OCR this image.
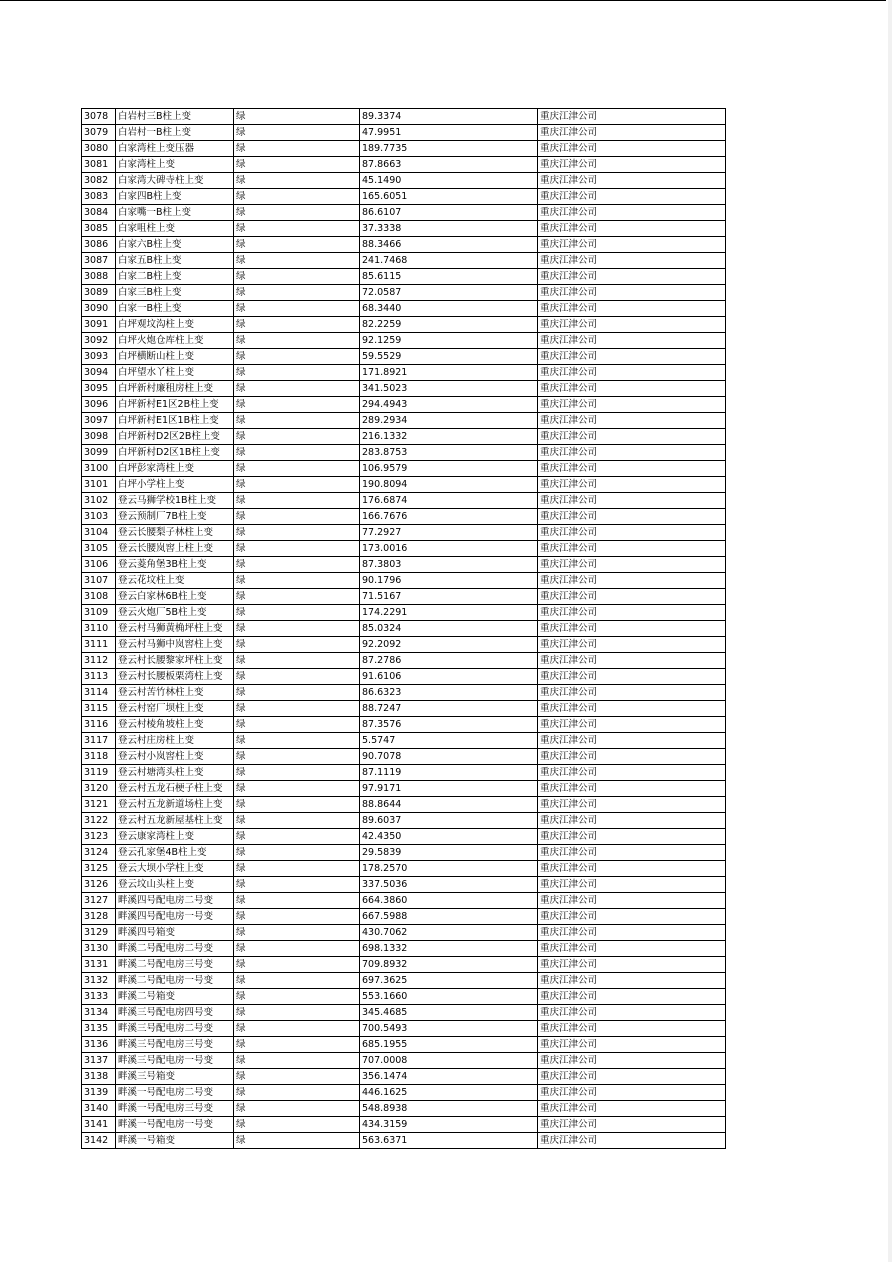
3078	白岩村三B柱上变	绿	89.3374	重庆江津公司
3079	白岩村一B柱上变	绿	47.9951	重庆江津公司
3080	白家湾柱上变压器	绿	189.7735	重庆江津公司
3081	白家湾柱上变	绿	87.8663	重庆江津公司
3082	白家湾大碑寺柱上变	绿	45.1490	重庆江津公司
3083	白家四B柱上变	绿	165.6051	重庆江津公司
3084	白家嘴一B柱上变	绿	86.6107	重庆江津公司
3085	白家咀柱上变	绿	37.3338	重庆江津公司
3086	白家六B柱上变	绿	88.3466	重庆江津公司
3087	白家五B柱上变	绿	241.7468	重庆江津公司
3088	白家二B柱上变	绿	85.6115	重庆江津公司
3089	白家三B柱上变	绿	72.0587	重庆江津公司
3090	白家一B柱上变	绿	68.3440	重庆江津公司
3091	白坪观坟沟柱上变	绿	82.2259	重庆江津公司
3092	白坪火炮仓库柱上变	绿	92.1259	重庆江津公司
3093	白坪横断山柱上变	绿	59.5529	重庆江津公司
3094	白坪望水丫柱上变	绿	171.8921	重庆江津公司
3095	白坪新村廉租房柱上变	绿	341.5023	重庆江津公司
3096	白坪新村E1区2B柱上变	绿	294.4943	重庆江津公司
3097	白坪新村E1区1B柱上变	绿	289.2934	重庆江津公司
3098	白坪新村D2区2B柱上变	绿	216.1332	重庆江津公司
3099	白坪新村D2区1B柱上变	绿	283.8753	重庆江津公司
3100	白坪彭家湾柱上变	绿	106.9579	重庆江津公司
3101	白坪小学柱上变	绿	190.8094	重庆江津公司
3102	登云马狮学校1B柱上变	绿	176.6874	重庆江津公司
3103	登云预制厂7B柱上变	绿	166.7676	重庆江津公司
3104	登云长腰梨子林柱上变	绿	77.2927	重庆江津公司
3105	登云长腰岚窖上柱上变	绿	173.0016	重庆江津公司
3106	登云菱角堡3B柱上变	绿	87.3803	重庆江津公司
3107	登云花坟柱上变	绿	90.1796	重庆江津公司
3108	登云白家林6B柱上变	绿	71.5167	重庆江津公司
3109	登云火炮厂5B柱上变	绿	174.2291	重庆江津公司
3110	登云村马狮黄桷坪柱上变	绿	85.0324	重庆江津公司
3111	登云村马狮中岚窖柱上变	绿	92.2092	重庆江津公司
3112	登云村长腰黎家坪柱上变	绿	87.2786	重庆江津公司
3113	登云村长腰板栗湾柱上变	绿	91.6106	重庆江津公司
3114	登云村苦竹林柱上变	绿	86.6323	重庆江津公司
3115	登云村窑厂坝柱上变	绿	88.7247	重庆江津公司
3116	登云村棱角坡柱上变	绿	87.3576	重庆江津公司
3117	登云村庄房柱上变	绿	5.5747	重庆江津公司
3118	登云村小岚窖柱上变	绿	90.7078	重庆江津公司
3119	登云村塘湾头柱上变	绿	87.1119	重庆江津公司
3120	登云村五龙石梗子柱上变	绿	97.9171	重庆江津公司
3121	登云村五龙新道场柱上变	绿	88.8644	重庆江津公司
3122	登云村五龙新屋基柱上变	绿	89.6037	重庆江津公司
3123	登云康家湾柱上变	绿	42.4350	重庆江津公司
3124	登云孔家堡4B柱上变	绿	29.5839	重庆江津公司
3125	登云大坝小学柱上变	绿	178.2570	重庆江津公司
3126	登云坟山头柱上变	绿	337.5036	重庆江津公司
3127	畔溪四号配电房二号变	绿	664.3860	重庆江津公司
3128	畔溪四号配电房一号变	绿	667.5988	重庆江津公司
3129	畔溪四号箱变	绿	430.7062	重庆江津公司
3130	畔溪二号配电房二号变	绿	698.1332	重庆江津公司
3131	畔溪二号配电房三号变	绿	709.8932	重庆江津公司
3132	畔溪二号配电房一号变	绿	697.3625	重庆江津公司
3133	畔溪二号箱变	绿	553.1660	重庆江津公司
3134	畔溪三号配电房四号变	绿	345.4685	重庆江津公司
3135	畔溪三号配电房二号变	绿	700.5493	重庆江津公司
3136	畔溪三号配电房三号变	绿	685.1955	重庆江津公司
3137	畔溪三号配电房一号变	绿	707.0008	重庆江津公司
3138	畔溪三号箱变	绿	356.1474	重庆江津公司
3139	畔溪一号配电房二号变	绿	446.1625	重庆江津公司
3140	畔溪一号配电房三号变	绿	548.8938	重庆江津公司
3141	畔溪一号配电房一号变	绿	434.3159	重庆江津公司
3142	畔溪一号箱变	绿	563.6371	重庆江津公司
